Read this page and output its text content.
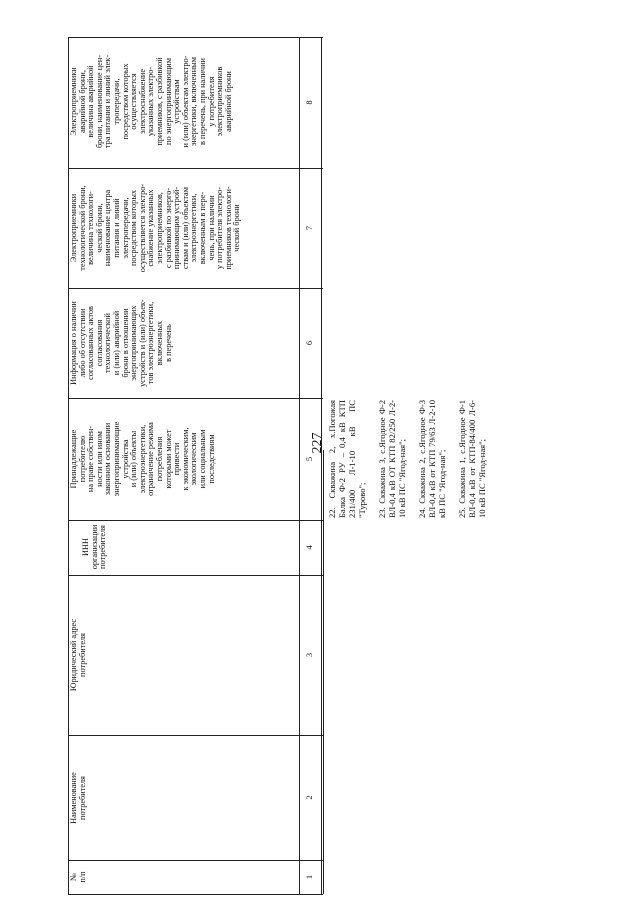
227
Электроприемники
аварийной брони,
величина аварийной
брони, наименование цен-
тра питания и линий элек-
тропередачи,
посредством которых
осуществляется
электроснабжение
указанных электро-
приемников, с разбивкой
по энергопринимающим
устройствам
и (или) объектам электро-
энергетики, включенным
в перечень, при наличии
у потребителя
электроприемников
аварийной брони
Электроприемники
технологической брони,
величина технологи-
ческой брони,
наименование центра
питания и линий
электропередачи,
посредством которых
осуществляется электро-
снабжение указанных
электроприемников,
с разбивкой по энерго-
принимающим устрой-
ствам и (или) объектам
электроэнергетики,
включенным в пере-
чень, при наличии
у потребителя электро-
приемников технологи-
ческой брони
Информация о наличии
либо об отсутствии
согласованных актов
согласования
технологической
и (или) аварийной
брони в отношении
энергопринимающих
устройств и (или) объек-
тов электроэнергетики,
включенных
в перечень
Принадлежащие
потребителю
на праве собствен-
ности или ином
законном основании
энергопринимающие
устройства
и (или) объекты
электроэнергетики,
ограничение режима
потребления
которыми может
привести
к экономическим,
экологическим
или социальным
последствиям
ИНН
организации
потребителя
Юридический адрес
потребителя
Наименование
потребителя
№
п/п
8
7
6
5
4
3
2
1

22. Скважина 2, х.Погожая Балка Ф-2 РУ – 0,4 кВ КТП 231/400 Л-1-10 кВ ПС "Турово"; 23. Скважина 3, с.Ягодное Ф-2 ВЛ-0,4 кВ ОТ КТП 82/250 Л-2-10 кВ ПС "Ягод-ная"; 24. Скважина 2, с.Ягодное Ф-3 ВЛ-0,4 кВ от КТП 79/63 Л-2-10 кВ ПС "Ягод-ная"; 25. Скважина 1, с.Ягодное Ф-1 ВЛ-0,4 кВ от КТП-84/400 Л-6-10 кВ ПС "Ягод-ная";
